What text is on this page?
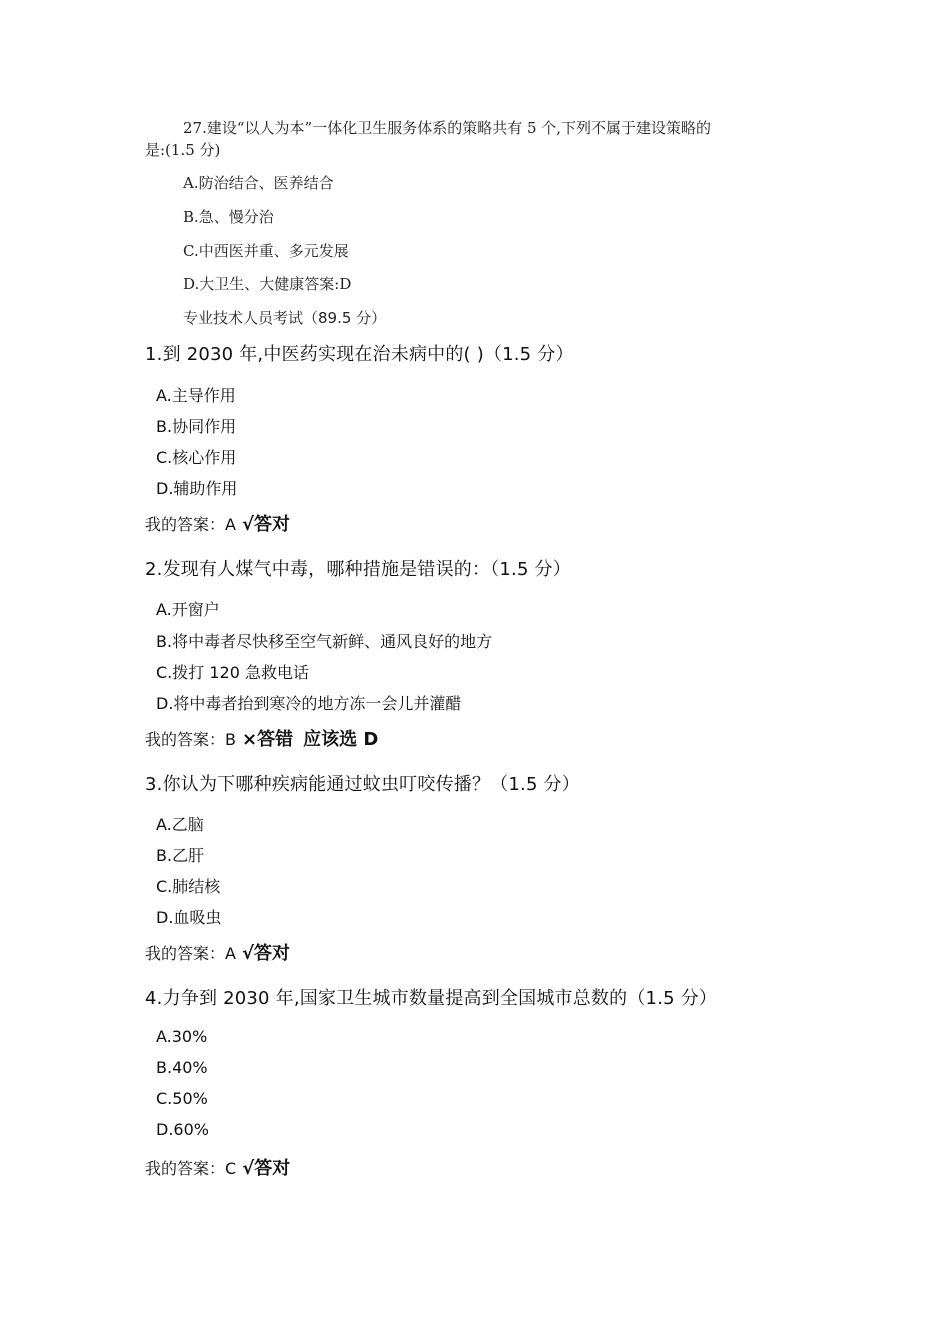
27.建设“以人为本”一体化卫生服务体系的策略共有 5 个,下列不属于建设策略的
是:(1.5 分)
A.防治结合、医养结合
B.急、慢分治
C.中西医并重、多元发展
D.大卫生、大健康答案:D
专业技术人员考试（89.5 分）
1.到 2030 年,中医药实现在治未病中的( )（1.5 分）
A.主导作用
B.协同作用
C.核心作用
D.辅助作用
我的答案：A √答对
2.发现有人煤气中毒，哪种措施是错误的：（1.5 分）
A.开窗户
B.将中毒者尽快移至空气新鲜、通风良好的地方
C.拨打 120 急救电话
D.将中毒者抬到寒冷的地方冻一会儿并灌醋
我的答案：B ×答错 应该选 D
3.你认为下哪种疾病能通过蚊虫叮咬传播？（1.5 分）
A.乙脑
B.乙肝
C.肺结核
D.血吸虫
我的答案：A √答对
4.力争到 2030 年,国家卫生城市数量提高到全国城市总数的（1.5 分）
A.30%
B.40%
C.50%
D.60%
我的答案：C √答对
